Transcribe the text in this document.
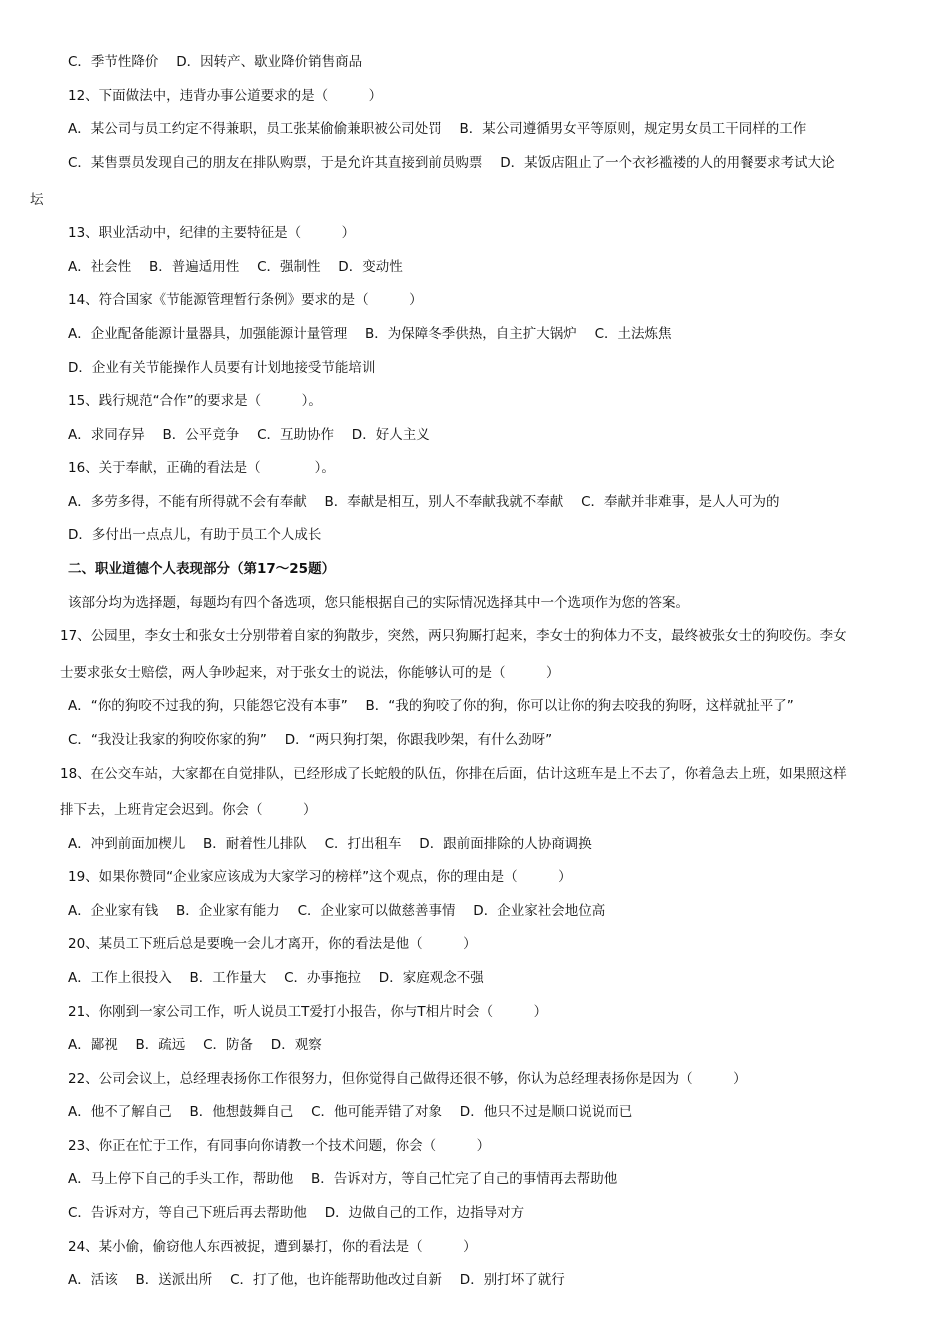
C．季节性降价　 D．因转产、歇业降价销售商品
12、下面做法中，违背办事公道要求的是（　　　）
A．某公司与员工约定不得兼职，员工张某偷偷兼职被公司处罚　 B．某公司遵循男女平等原则，规定男女员工干同样的工作
C．某售票员发现自己的朋友在排队购票，于是允许其直接到前员购票　 D．某饭店阻止了一个衣衫褴褛的人的用餐要求考试大论
坛
13、职业活动中，纪律的主要特征是（　　　）
A．社会性　 B．普遍适用性　 C．强制性　 D．变动性
14、符合国家《节能源管理暂行条例》要求的是（　　　）
A．企业配备能源计量器具，加强能源计量管理　 B．为保障冬季供热，自主扩大锅炉　 C．土法炼焦
D．企业有关节能操作人员要有计划地接受节能培训
15、践行规范“合作”的要求是（　　　）。
A．求同存异　 B．公平竞争　 C．互助协作　 D．好人主义
16、关于奉献，正确的看法是（　　　　）。
A．多劳多得，不能有所得就不会有奉献　 B．奉献是相互，别人不奉献我就不奉献　 C．奉献并非难事，是人人可为的
D．多付出一点点儿，有助于员工个人成长
二、职业道德个人表现部分（第17～25题）
该部分均为选择题，每题均有四个备选项，您只能根据自己的实际情况选择其中一个选项作为您的答案。
17、公园里，李女士和张女士分别带着自家的狗散步，突然，两只狗厮打起来，李女士的狗体力不支，最终被张女士的狗咬伤。李女
士要求张女士赔偿，两人争吵起来，对于张女士的说法，你能够认可的是（　　　）
A．“你的狗咬不过我的狗，只能怨它没有本事”　 B．“我的狗咬了你的狗，你可以让你的狗去咬我的狗呀，这样就扯平了”
C．“我没让我家的狗咬你家的狗”　 D．“两只狗打架，你跟我吵架，有什么劲呀”
18、在公交车站，大家都在自觉排队，已经形成了长蛇般的队伍，你排在后面，估计这班车是上不去了，你着急去上班，如果照这样
排下去，上班肯定会迟到。你会（　　　）
A．冲到前面加楔儿　 B．耐着性儿排队　 C．打出租车　 D．跟前面排除的人协商调换
19、如果你赞同“企业家应该成为大家学习的榜样”这个观点，你的理由是（　　　）
A．企业家有钱　 B．企业家有能力　 C．企业家可以做慈善事情　 D．企业家社会地位高
20、某员工下班后总是要晚一会儿才离开，你的看法是他（　　　）
A．工作上很投入　 B．工作量大　 C．办事拖拉　 D．家庭观念不强
21、你刚到一家公司工作，听人说员工T爱打小报告，你与T相片时会（　　　）
A．鄙视　 B．疏远　 C．防备　 D．观察
22、公司会议上，总经理表扬你工作很努力，但你觉得自己做得还很不够，你认为总经理表扬你是因为（　　　）
A．他不了解自己　 B．他想鼓舞自己　 C．他可能弄错了对象　 D．他只不过是顺口说说而已
23、你正在忙于工作，有同事向你请教一个技术问题，你会（　　　）
A．马上停下自己的手头工作，帮助他　 B．告诉对方，等自己忙完了自己的事情再去帮助他
C．告诉对方，等自己下班后再去帮助他　 D．边做自己的工作，边指导对方
24、某小偷，偷窃他人东西被捉，遭到暴打，你的看法是（　　　）
A．活该　 B．送派出所　 C．打了他，也许能帮助他改过自新　 D．别打坏了就行
